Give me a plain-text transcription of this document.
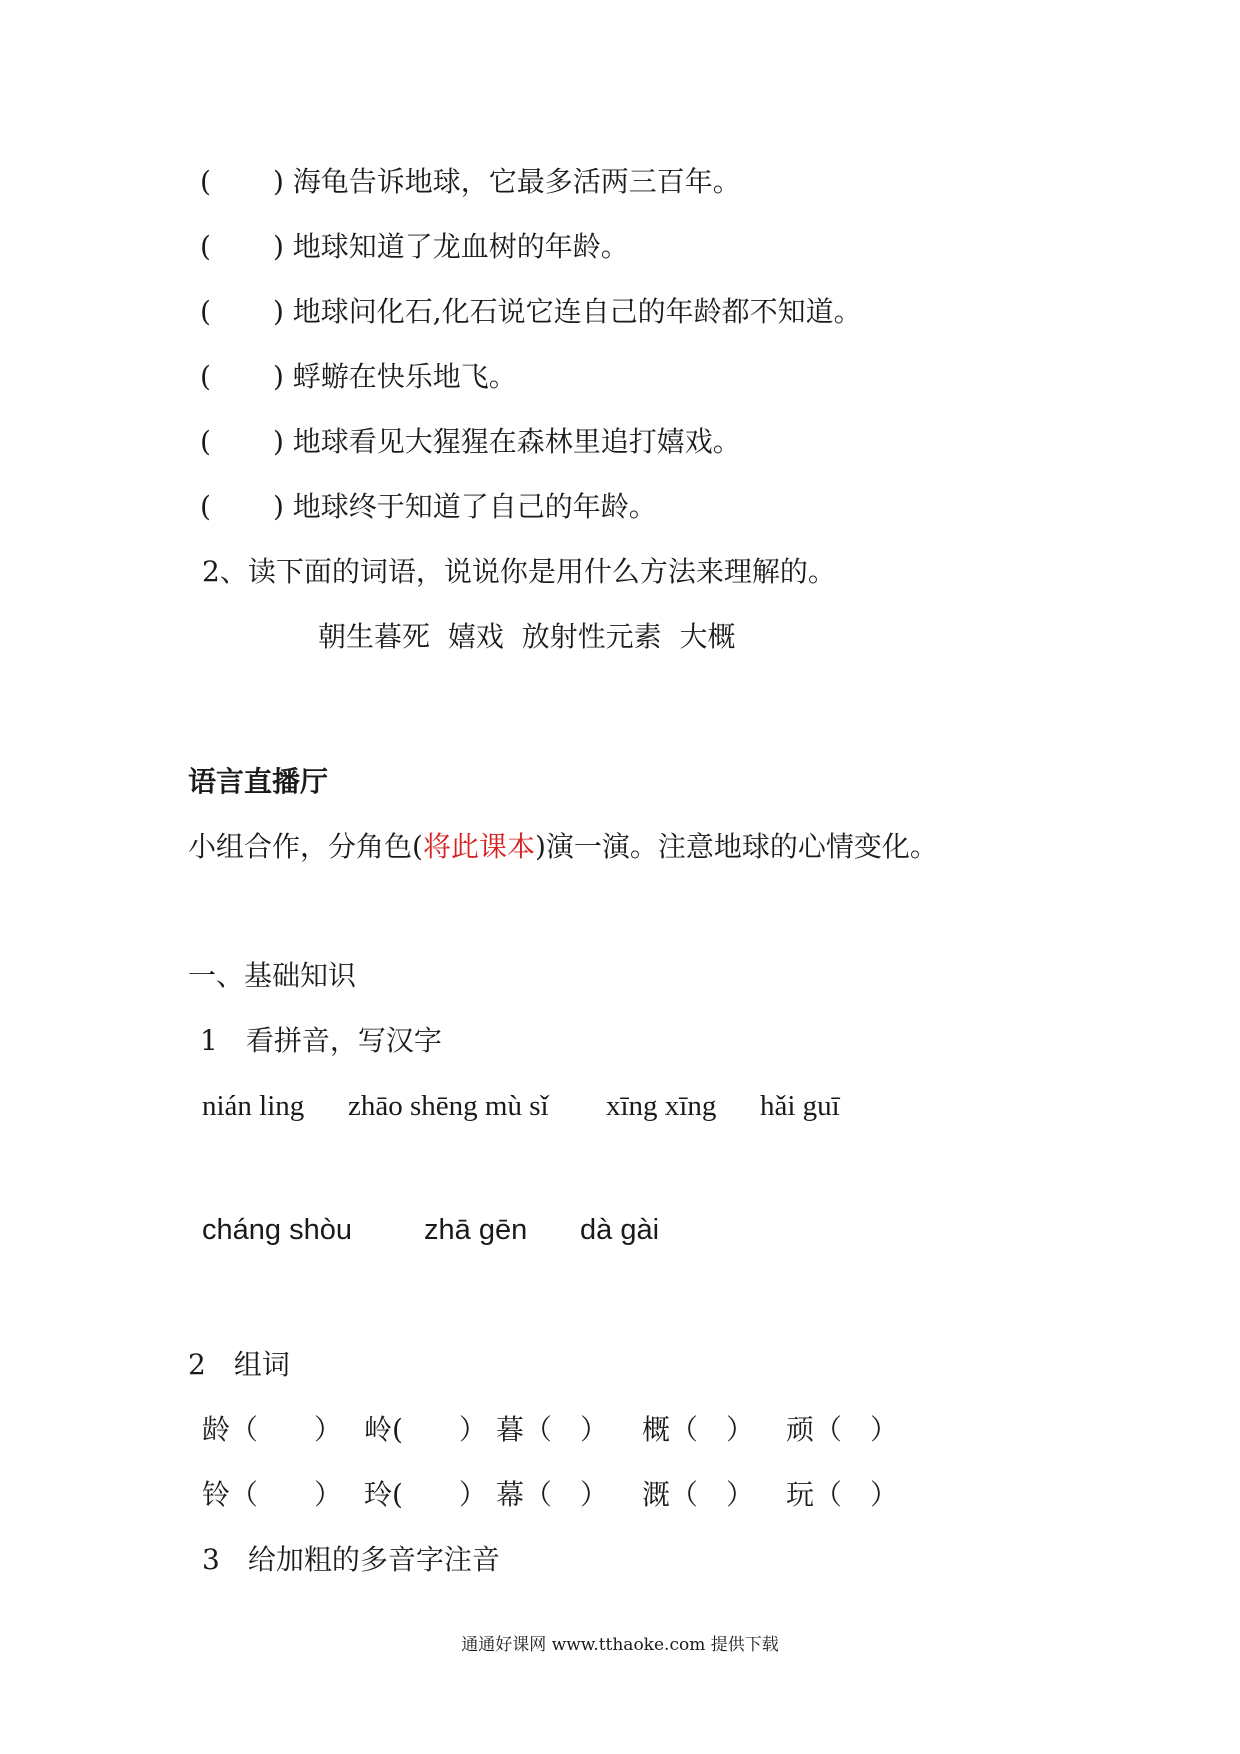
( ) 海龟告诉地球，它最多活两三百年。
( ) 地球知道了龙血树的年龄。
( ) 地球问化石,化石说它连自己的年龄都不知道。
( ) 蜉蝣在快乐地飞。
( ) 地球看见大猩猩在森林里追打嬉戏。
( ) 地球终于知道了自己的年龄。
2、读下面的词语，说说你是用什么方法来理解的。
朝生暮死 嬉戏 放射性元素 大概
语言直播厅
小组合作，分角色(将此课本)演一演。注意地球的心情变化。
一、基础知识
1　看拼音，写汉字
nián ling zhāo shēng mù sǐ xīng xīng hǎi guī
cháng shòu zhā gēn dà gài
2　组词
龄（　　） 岭(　　） 暮（　） 概（　） 顽（　）
铃（　　） 玲(　　） 幕（　） 溉（　） 玩（　）
3　给加粗的多音字注音
通通好课网 www.tthaoke.com 提供下载
